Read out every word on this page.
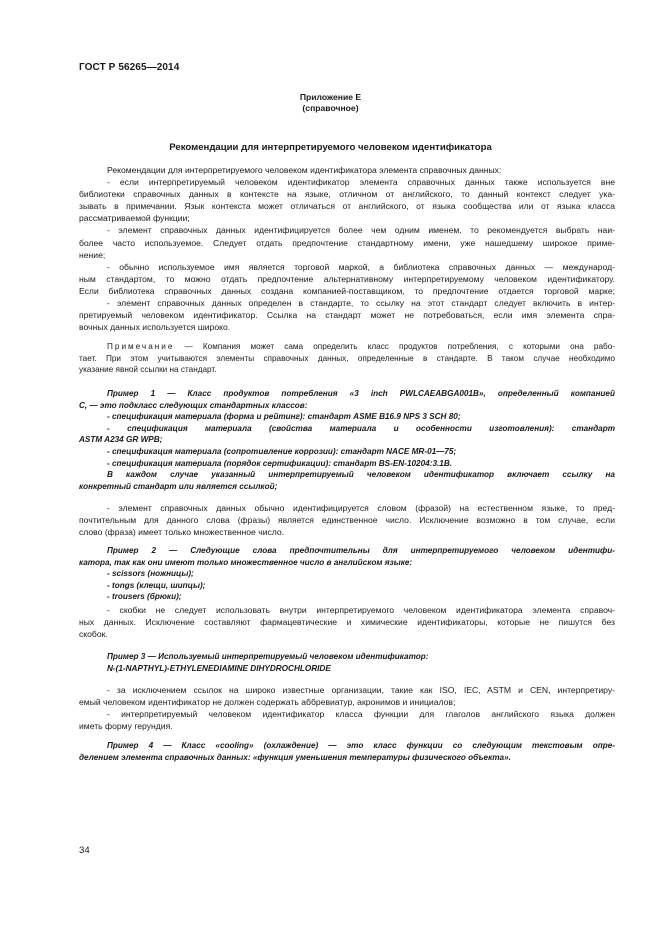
ГОСТ Р 56265—2014
Приложение Е
(справочное)
Рекомендации для интерпретируемого человеком идентификатора

Рекомендации для интерпретируемого человеком идентификатора элемента справочных данных:

- если интерпретируемый человеком идентификатор элемента справочных данных также используется вне

библиотеки справочных данных в контексте на языке, отличном от английского, то данный контекст следует ука-

зывать в примечании. Язык контекста может отличаться от английского, от языка сообщества или от языка класса

рассматриваемой функции;

- элемент справочных данных идентифицируется более чем одним именем, то рекомендуется выбрать наи-

более часто используемое. Следует отдать предпочтение стандартному имени, уже нашедшему широкое приме-

нение;

- обычно используемое имя является торговой маркой, а библиотека справочных данных — международ-

ным стандартом, то можно отдать предпочтение альтернативному интерпретируемому человеком идентификатору.

Если библиотека справочных данных создана компанией-поставщиком, то предпочтение отдается торговой марке;

- элемент справочных данных определен в стандарте, то ссылку на этот стандарт следует включить в интер-

претируемый человеком идентификатор. Ссылка на стандарт может не потребоваться, если имя элемента спра-

вочных данных используется широко.

Примечание — Компания может сама определить класс продуктов потребления, с которыми она рабо-

тает. При этом учитываются элементы справочных данных, определенные в стандарте. В таком случае необходимо

указание явной ссылки на стандарт.

Пример 1 — Класс продуктов потребления «3 inch PWLCAEABGA001B», определенный компанией

C, — это подкласс следующих стандартных классов:

- спецификация материала (форма и рейтинг): стандарт ASME B16.9 NPS 3 SCH 80;

- спецификация материала (свойства материала и особенности изготовления): стандарт

ASTM A234 GR WPB;

- спецификация материала (сопротивление коррозии): стандарт NACE MR-01—75;

- спецификация материала (порядок сертификации): стандарт BS-EN-10204:3.1B.

В каждом случае указанный интерпретируемый человеком идентификатор включает ссылку на

конкретный стандарт или является ссылкой;

- элемент справочных данных обычно идентифицируется словом (фразой) на естественном языке, то пред-

почтительным для данного слова (фразы) является единственное число. Исключение возможно в том случае, если

слово (фраза) имеет только множественное число.

Пример 2 — Следующие слова предпочтительны для интерпретируемого человеком идентифи-

катора, так как они имеют только множественное число в английском языке:

- scissors (ножницы);

- tongs (клещи, шипцы);

- trousers (брюки);

- скобки не следует использовать внутри интерпретируемого человеком идентификатора элемента справоч-

ных данных. Исключение составляют фармацевтические и химические идентификаторы, которые не пишутся без

скобок.

Пример 3 — Используемый интерпретируемый человеком идентификатор:

N-(1-NAPTHYL)-ETHYLENEDIAMINE DIHYDROCHLORIDE

- за исключением ссылок на широко известные организации, такие как ISO, IEC, ASTM и CEN, интерпретиру-

емый человеком идентификатор не должен содержать аббревиатур, акронимов и инициалов;

- интерпретируемый человеком идентификатор класса функции для глаголов английского языка должен

иметь форму герундия.

Пример 4 — Класс «cooling» (охлаждение) — это класс функции со следующим текстовым опре-

делением элемента справочных данных: «функция уменьшения температуры физического объекта».

34
